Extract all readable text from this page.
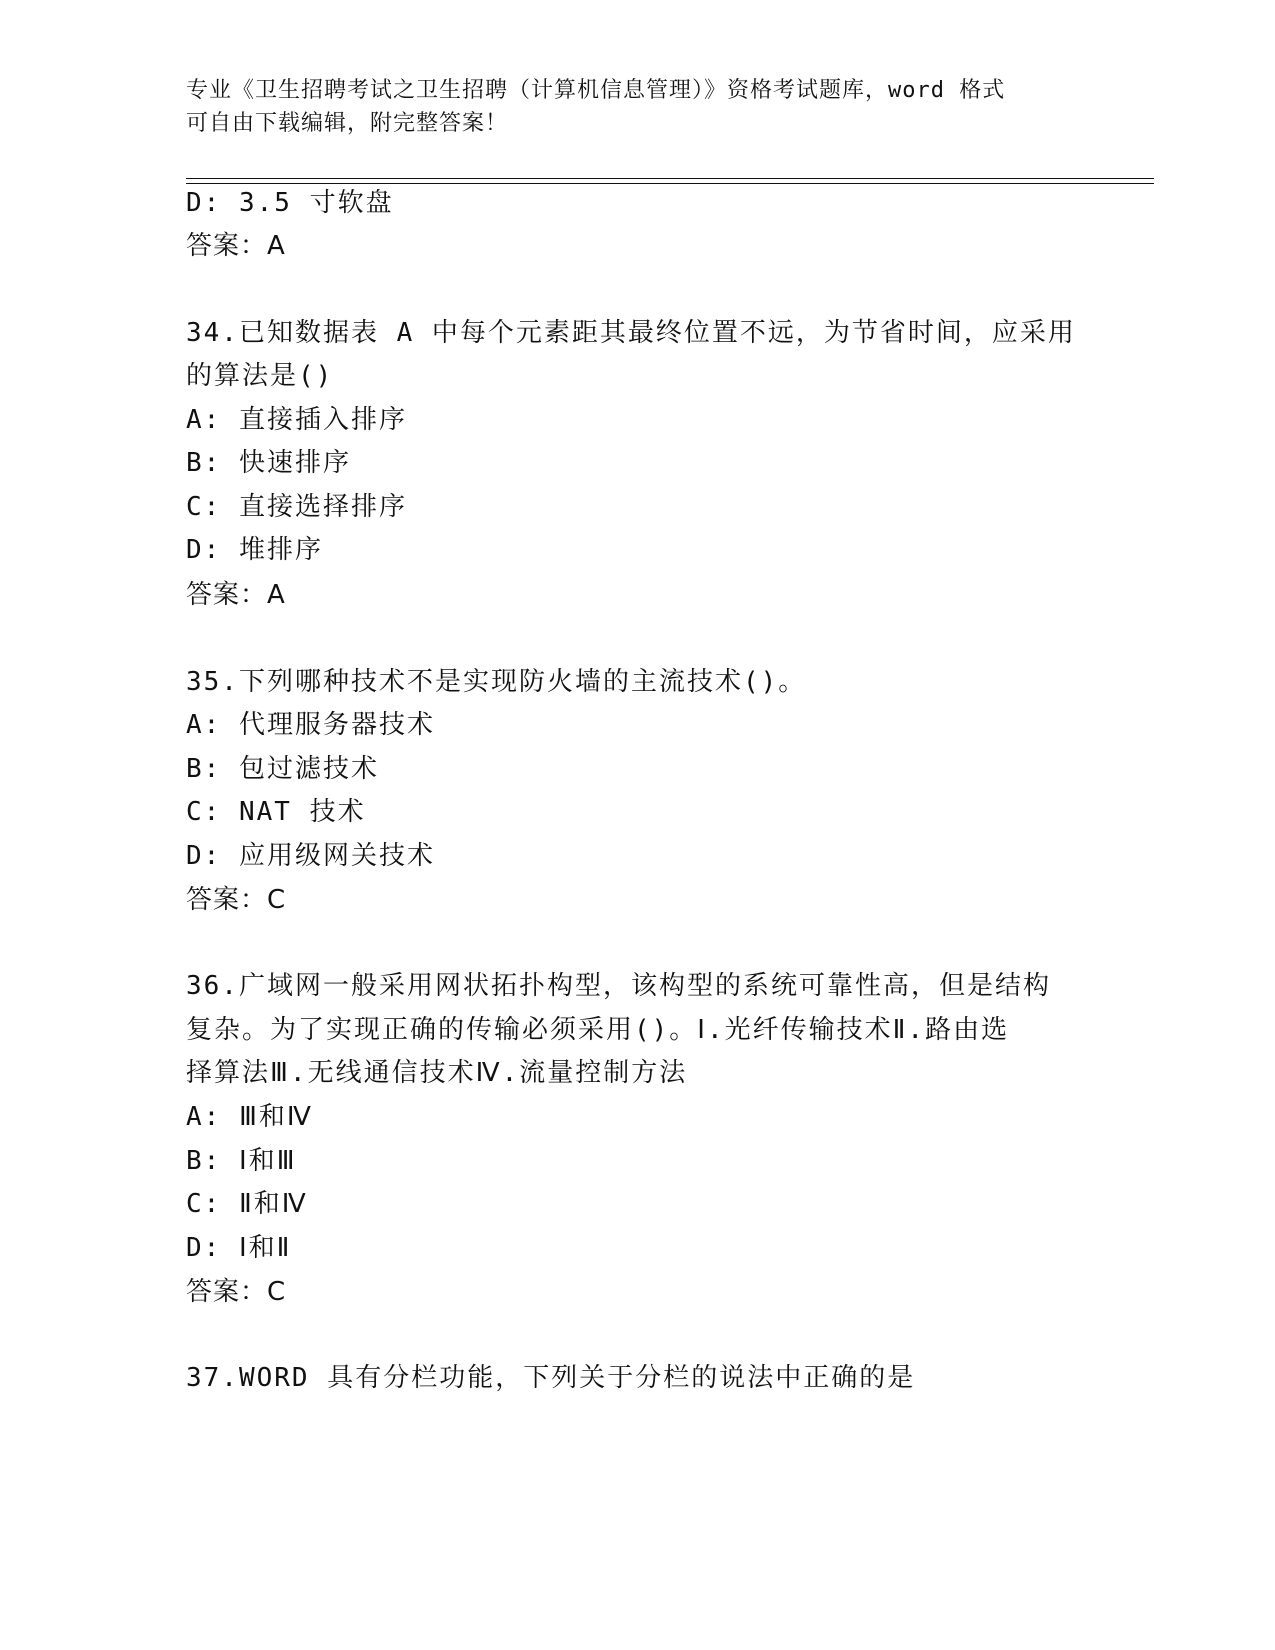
专业《卫生招聘考试之卫生招聘（计算机信息管理）》资格考试题库，word 格式
可自由下载编辑，附完整答案！
D: 3.5 寸软盘
答案：A
34.已知数据表 A 中每个元素距其最终位置不远，为节省时间，应采用
的算法是()
A: 直接插入排序
B: 快速排序
C: 直接选择排序
D: 堆排序
答案：A
35.下列哪种技术不是实现防火墙的主流技术()。
A: 代理服务器技术
B: 包过滤技术
C: NAT 技术
D: 应用级网关技术
答案：C
36.广域网一般采用网状拓扑构型，该构型的系统可靠性高，但是结构
复杂。为了实现正确的传输必须采用()。Ⅰ.光纤传输技术Ⅱ.路由选
择算法Ⅲ.无线通信技术Ⅳ.流量控制方法
A: Ⅲ和Ⅳ
B: Ⅰ和Ⅲ
C: Ⅱ和Ⅳ
D: Ⅰ和Ⅱ
答案：C
37.WORD 具有分栏功能，下列关于分栏的说法中正确的是
